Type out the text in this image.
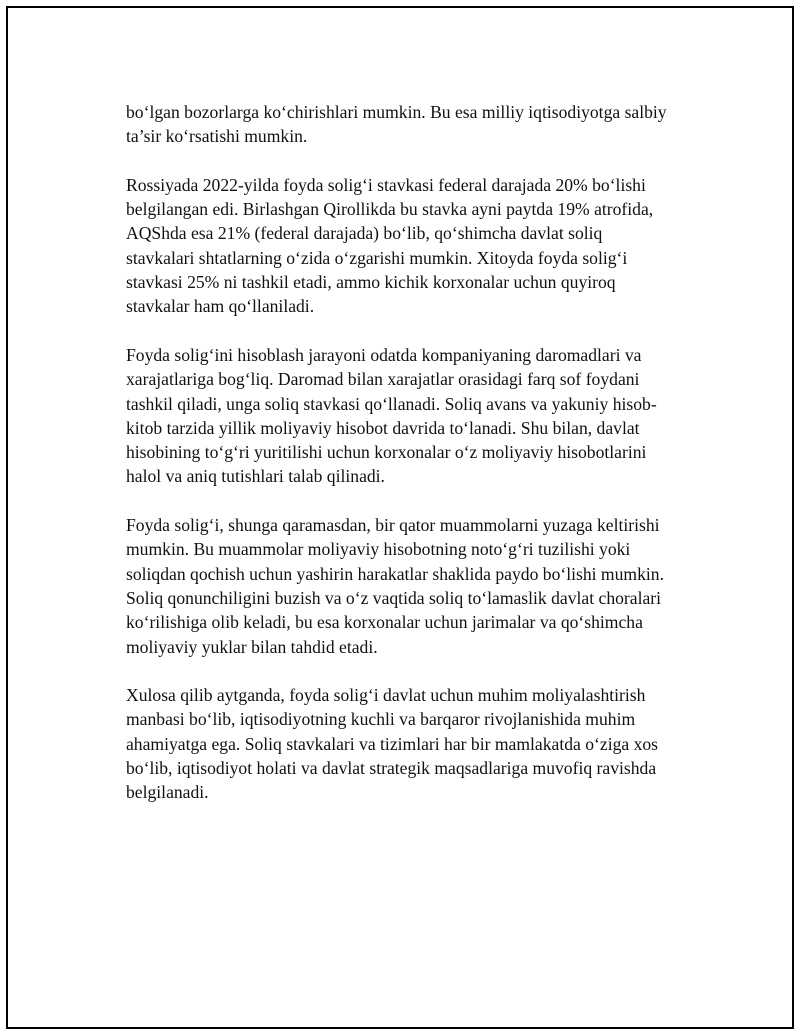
bo‘lgan bozorlarga ko‘chirishlari mumkin. Bu esa milliy iqtisodiyotga salbiy
ta’sir ko‘rsatishi mumkin.

Rossiyada 2022-yilda foyda solig‘i stavkasi federal darajada 20% bo‘lishi
belgilangan edi. Birlashgan Qirollikda bu stavka ayni paytda 19% atrofida,
AQShda esa 21% (federal darajada) bo‘lib, qo‘shimcha davlat soliq
stavkalari shtatlarning o‘zida o‘zgarishi mumkin. Xitoyda foyda solig‘i
stavkasi 25% ni tashkil etadi, ammo kichik korxonalar uchun quyiroq
stavkalar ham qo‘llaniladi.

Foyda solig‘ini hisoblash jarayoni odatda kompaniyaning daromadlari va
xarajatlariga bog‘liq. Daromad bilan xarajatlar orasidagi farq sof foydani
tashkil qiladi, unga soliq stavkasi qo‘llanadi. Soliq avans va yakuniy hisob-
kitob tarzida yillik moliyaviy hisobot davrida to‘lanadi. Shu bilan, davlat
hisobining to‘g‘ri yuritilishi uchun korxonalar o‘z moliyaviy hisobotlarini
halol va aniq tutishlari talab qilinadi.

Foyda solig‘i, shunga qaramasdan, bir qator muammolarni yuzaga keltirishi
mumkin. Bu muammolar moliyaviy hisobotning noto‘g‘ri tuzilishi yoki
soliqdan qochish uchun yashirin harakatlar shaklida paydo bo‘lishi mumkin.
Soliq qonunchiligini buzish va o‘z vaqtida soliq to‘lamaslik davlat choralari
ko‘rilishiga olib keladi, bu esa korxonalar uchun jarimalar va qo‘shimcha
moliyaviy yuklar bilan tahdid etadi.

Xulosa qilib aytganda, foyda solig‘i davlat uchun muhim moliyalashtirish
manbasi bo‘lib, iqtisodiyotning kuchli va barqaror rivojlanishida muhim
ahamiyatga ega. Soliq stavkalari va tizimlari har bir mamlakatda o‘ziga xos
bo‘lib, iqtisodiyot holati va davlat strategik maqsadlariga muvofiq ravishda
belgilanadi.
